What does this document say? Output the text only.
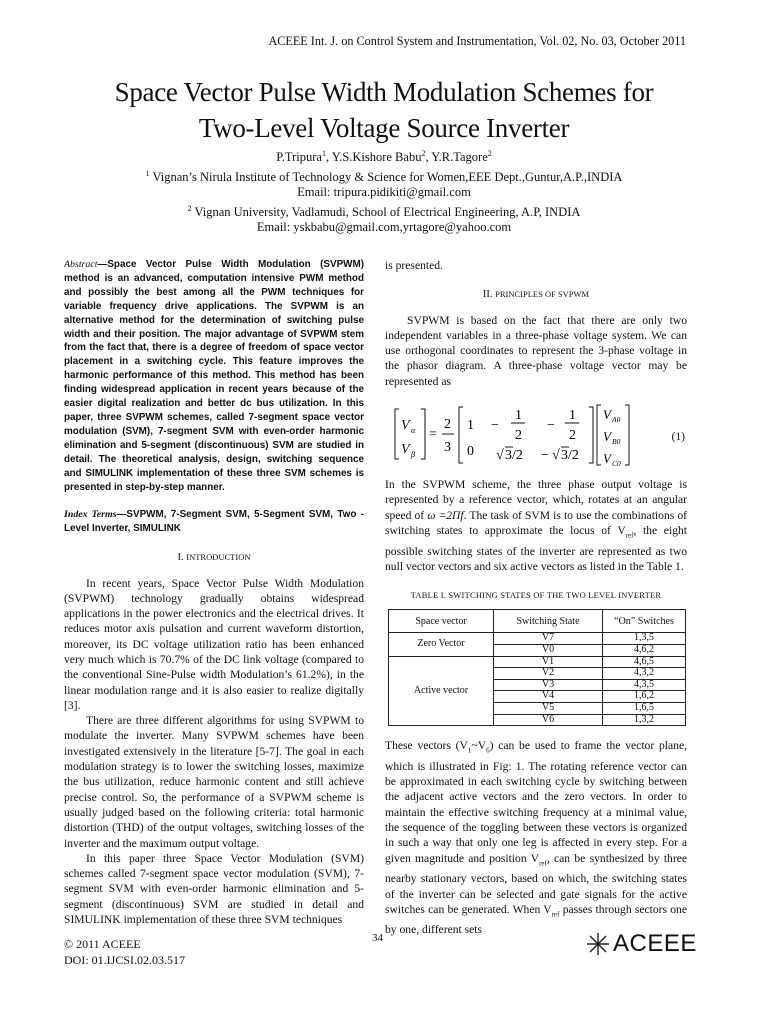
ACEEE Int. J. on Control System and Instrumentation, Vol. 02, No. 03, October 2011
Space Vector Pulse Width Modulation Schemes for
Two-Level Voltage Source Inverter
P.Tripura$^1$, Y.S.Kishore Babu$^2$, Y.R.Tagore$^2$
$^1$ Vignan’s Nirula Institute of Technology & Science for Women,EEE Dept.,Guntur,A.P.,INDIA
Email: tripura.pidikiti@gmail.com
$^2$ Vignan University, Vadlamudi, School of Electrical Engineering, A.P, INDIA
Email: yskbabu@gmail.com,yrtagore@yahoo.com

Abstract—Space Vector Pulse Width Modulation (SVPWM) method is an advanced, computation intensive PWM method and possibly the best among all the PWM techniques for variable frequency drive applications. The SVPWM is an alternative method for the determination of switching pulse width and their position. The major advantage of SVPWM stem from the fact that, there is a degree of freedom of space vector placement in a switching cycle. This feature improves the harmonic performance of this method. This method has been finding widespread application in recent years because of the easier digital realization and better dc bus utilization. In this paper, three SVPWM schemes, called 7-segment space vector modulation (SVM), 7-segment SVM with even-order harmonic elimination and 5-segment (discontinuous) SVM are studied in detail. The theoretical analysis, design, switching sequence and SIMULINK implementation of these three SVM schemes is presented in step-by-step manner.

Index Terms—SVPWM, 7-Segment SVM, 5-Segment SVM, Two -Level Inverter, SIMULINK

I. INTRODUCTION

In recent years, Space Vector Pulse Width Modulation (SVPWM) technology gradually obtains widespread applications in the power electronics and the electrical drives. It reduces motor axis pulsation and current waveform distortion, moreover, its DC voltage utilization ratio has been enhanced very much which is 70.7% of the DC link voltage (compared to the conventional Sine-Pulse width Modulation’s 61.2%), in the linear modulation range and it is also easier to realize digitally [3].

There are three different algorithms for using SVPWM to modulate the inverter. Many SVPWM schemes have been investigated extensively in the literature [5-7]. The goal in each modulation strategy is to lower the switching losses, maximize the bus utilization, reduce harmonic content and still achieve precise control. So, the performance of a SVPWM scheme is usually judged based on the following criteria: total harmonic distortion (THD) of the output voltages, switching losses of the inverter and the maximum output voltage.

In this paper three Space Vector Modulation (SVM) schemes called 7-segment space vector modulation (SVM), 7-segment SVM with even-order harmonic elimination and 5-segment (discontinuous) SVM are studied in detail and SIMULINK implementation of these three SVM techniques

is presented.

II. PRINCIPLES OF SVPWM

SVPWM is based on the fact that there are only two independent variables in a three-phase voltage system. We can use orthogonal coordinates to represent the 3-phase voltage in the phasor diagram. A three-phase voltage vector may be represented as

V α
V β
=
2
3
1
0
−
1
2
√ 3/2
−
1
2
− √ 3/2
V A0
V B0
V C0
(1)

In the SVPWM scheme, the three phase output voltage is represented by a reference vector, which, rotates at an angular speed of ω =2Πf. The task of SVM is to use the combinations of switching states to approximate the locus of $V_{ref}$, the eight possible switching states of the inverter are represented as two null vector vectors and six active vectors as listed in the Table 1.

TABLE I. SWITCHING STATES OF THE TWO LEVEL INVERTER
Space vector	Switching State	“On” Switches
Zero Vector	V7	1,3,5
	V0	4,6,2
Active vector	V1	4,6,5
	V2	4,3,2
	V3	4,3,5
	V4	1,6,2
	V5	1,6,5
	V6	1,3,2

These vectors $(V_1\sim V_6)$ can be used to frame the vector plane, which is illustrated in Fig: 1. The rotating reference vector can be approximated in each switching cycle by switching between the adjacent active vectors and the zero vectors. In order to maintain the effective switching frequency at a minimal value, the sequence of the toggling between these vectors is organized in such a way that only one leg is affected in every step. For a given magnitude and position $V_{ref}$, can be synthesized by three nearby stationary vectors, based on which, the switching states of the inverter can be selected and gate signals for the active switches can be generated. When $V_{ref}$ passes through sectors one by one, different sets

34
© 2011 ACEEE
DOI: 01.IJCSI.02.03.517
ACEEE
